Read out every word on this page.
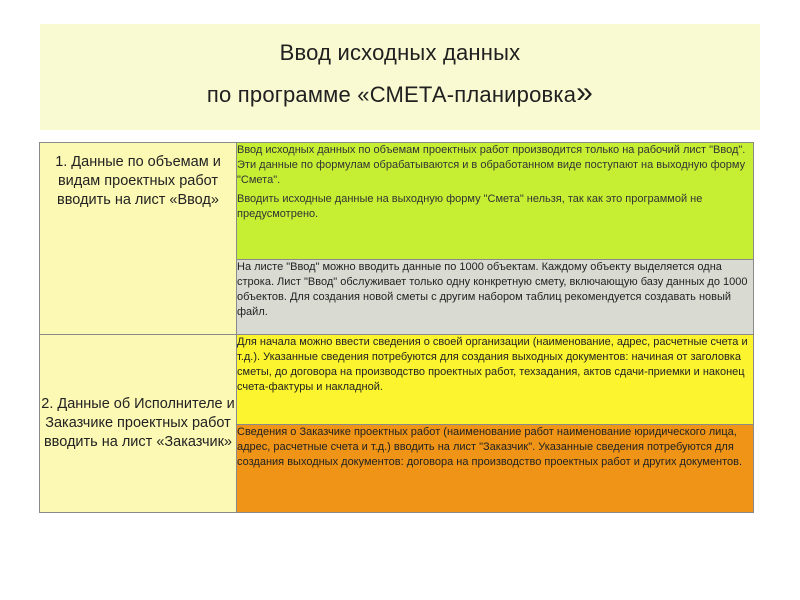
Ввод исходных данных
по программе «СМЕТА-планировка»
1. Данные по объемам и видам проектных работ вводить на лист «Ввод»	Ввод исходных данных по объемам проектных работ производится только на рабочий лист "Ввод". Эти данные по формулам обрабатываются и в обработанном виде поступают на выходную форму "Смета".

Вводить исходные данные на выходную форму "Смета" нельзя, так как это программой не предусмотрено.

	На листе "Ввод" можно вводить данные по 1000 объектам. Каждому объекту выделяется одна строка. Лист "Ввод" обслуживает только одну конкретную смету, включающую базу данных до 1000 объектов. Для создания новой сметы с другим набором таблиц рекомендуется создавать новый файл.

2. Данные об Исполнителе и Заказчике проектных работ вводить на лист «Заказчик»	Для начала можно ввести сведения о своей организации (наименование, адрес, расчетные счета и т.д.). Указанные сведения потребуются для создания выходных документов: начиная от заголовка сметы, до договора на производство проектных работ, техзадания, актов сдачи-приемки и наконец счета-фактуры и накладной.

	Сведения о Заказчике проектных работ (наименование работ наименование юридического лица, адрес, расчетные счета и т.д.) вводить на лист "Заказчик". Указанные сведения потребуются для создания выходных документов: договора на производство проектных работ и других документов.
